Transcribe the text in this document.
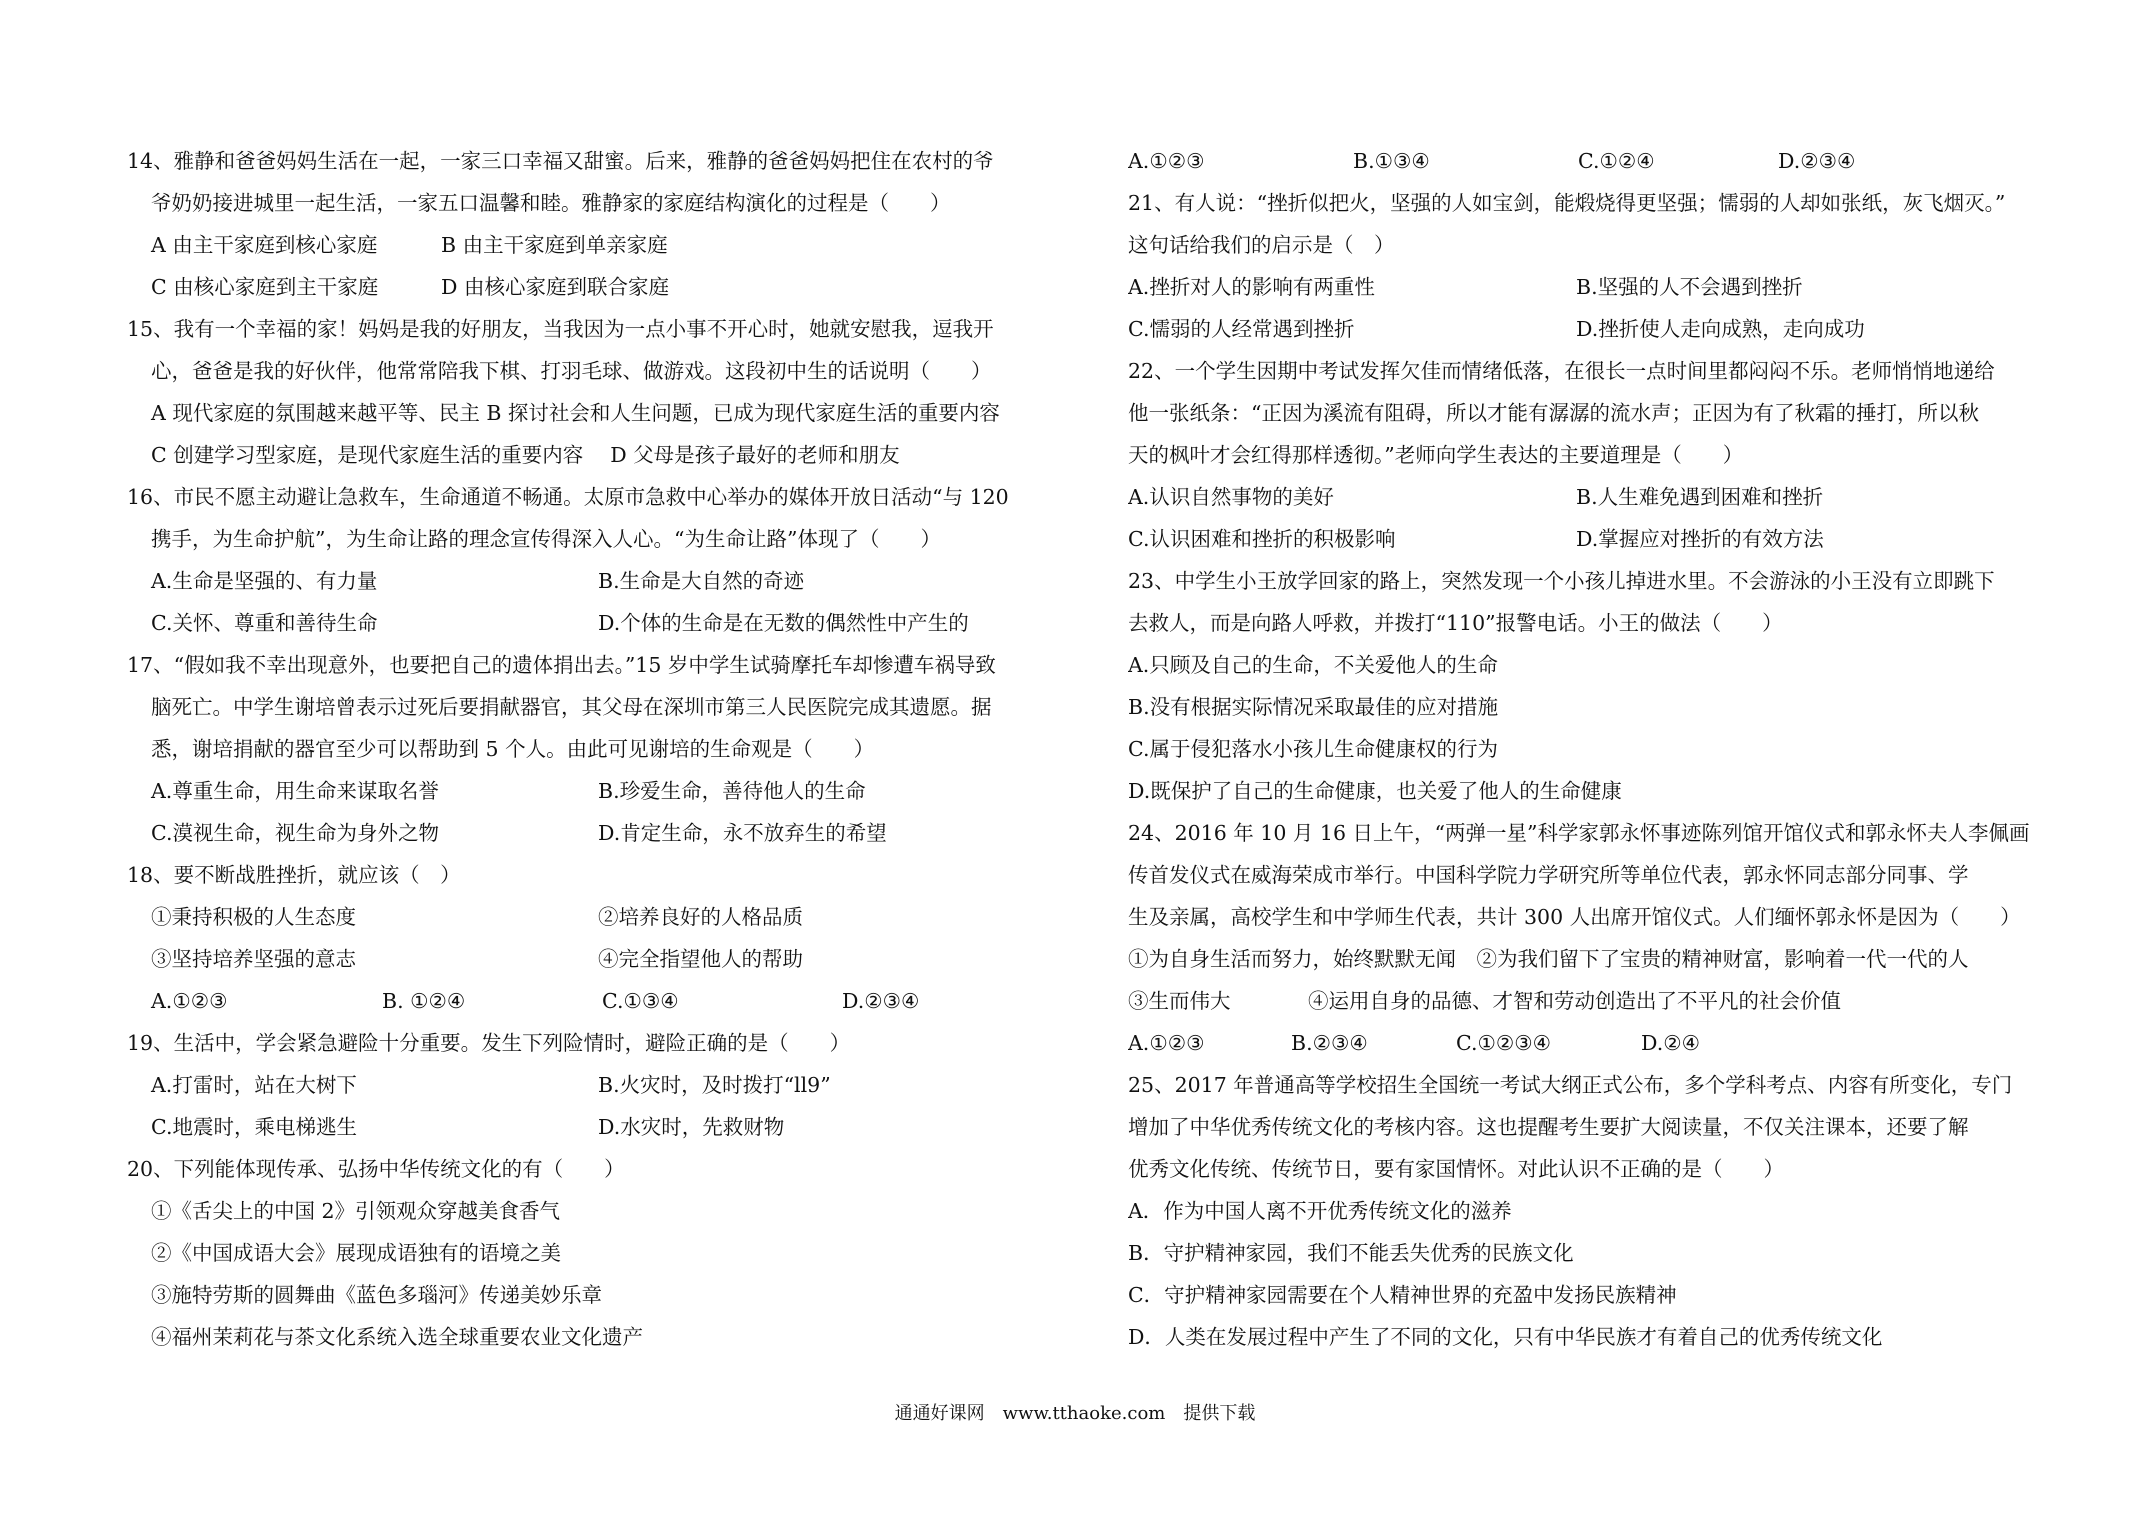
14、雅静和爸爸妈妈生活在一起，一家三口幸福又甜蜜。后来，雅静的爸爸妈妈把住在农村的爷
爷奶奶接进城里一起生活，一家五口温馨和睦。雅静家的家庭结构演化的过程是（　　）
A 由主干家庭到核心家庭	B 由主干家庭到单亲家庭
C 由核心家庭到主干家庭	D 由核心家庭到联合家庭
15、我有一个幸福的家！妈妈是我的好朋友，当我因为一点小事不开心时，她就安慰我，逗我开
心，爸爸是我的好伙伴，他常常陪我下棋、打羽毛球、做游戏。这段初中生的话说明（　　）
A 现代家庭的氛围越来越平等、民主 B 探讨社会和人生问题，已成为现代家庭生活的重要内容
C 创建学习型家庭，是现代家庭生活的重要内容　 D 父母是孩子最好的老师和朋友
16、市民不愿主动避让急救车，生命通道不畅通。太原市急救中心举办的媒体开放日活动“与 120
携手，为生命护航”，为生命让路的理念宣传得深入人心。“为生命让路”体现了（　　）
A.生命是坚强的、有力量	B.生命是大自然的奇迹
C.关怀、尊重和善待生命	D.个体的生命是在无数的偶然性中产生的
17、“假如我不幸出现意外，也要把自己的遗体捐出去。”15 岁中学生试骑摩托车却惨遭车祸导致
脑死亡。中学生谢培曾表示过死后要捐献器官，其父母在深圳市第三人民医院完成其遗愿。据
悉，谢培捐献的器官至少可以帮助到 5 个人。由此可见谢培的生命观是（　　）
A.尊重生命，用生命来谋取名誉	B.珍爱生命，善待他人的生命
C.漠视生命，视生命为身外之物	D.肯定生命，永不放弃生的希望
18、要不断战胜挫折，就应该（　）
①秉持积极的人生态度	②培养良好的人格品质
③坚持培养坚强的意志	④完全指望他人的帮助
A.①②③	B. ①②④	C.①③④	D.②③④
19、生活中，学会紧急避险十分重要。发生下列险情时，避险正确的是（　　）
A.打雷时，站在大树下	B.火灾时，及时拨打“ll9”
C.地震时，乘电梯逃生	D.水灾时，先救财物
20、下列能体现传承、弘扬中华传统文化的有（　　）
①《舌尖上的中国 2》引领观众穿越美食香气
②《中国成语大会》展现成语独有的语境之美
③施特劳斯的圆舞曲《蓝色多瑙河》传递美妙乐章
④福州茉莉花与茶文化系统入选全球重要农业文化遗产
A.①②③	B.①③④	C.①②④	D.②③④
21、有人说：“挫折似把火，坚强的人如宝剑，能煅烧得更坚强；懦弱的人却如张纸，灰飞烟灭。”
这句话给我们的启示是（　）
A.挫折对人的影响有两重性	B.坚强的人不会遇到挫折
C.懦弱的人经常遇到挫折	D.挫折使人走向成熟，走向成功
22、一个学生因期中考试发挥欠佳而情绪低落，在很长一点时间里都闷闷不乐。老师悄悄地递给
他一张纸条：“正因为溪流有阻碍，所以才能有潺潺的流水声；正因为有了秋霜的捶打，所以秋
天的枫叶才会红得那样透彻。”老师向学生表达的主要道理是（　　）
A.认识自然事物的美好	B.人生难免遇到困难和挫折
C.认识困难和挫折的积极影响	D.掌握应对挫折的有效方法
23、中学生小王放学回家的路上，突然发现一个小孩儿掉进水里。不会游泳的小王没有立即跳下
去救人，而是向路人呼救，并拨打“110”报警电话。小王的做法（　　）
A.只顾及自己的生命，不关爱他人的生命
B.没有根据实际情况采取最佳的应对措施
C.属于侵犯落水小孩儿生命健康权的行为
D.既保护了自己的生命健康，也关爱了他人的生命健康
24、2016 年 10 月 16 日上午，“两弹一星”科学家郭永怀事迹陈列馆开馆仪式和郭永怀夫人李佩画
传首发仪式在威海荣成市举行。中国科学院力学研究所等单位代表，郭永怀同志部分同事、学
生及亲属，高校学生和中学师生代表，共计 300 人出席开馆仪式。人们缅怀郭永怀是因为（　　）
①为自身生活而努力，始终默默无闻　 ②为我们留下了宝贵的精神财富，影响着一代一代的人
③生而伟大	④运用自身的品德、才智和劳动创造出了不平凡的社会价值
A.①②③	B.②③④	C.①②③④	D.②④
25、2017 年普通高等学校招生全国统一考试大纲正式公布，多个学科考点、内容有所变化，专门
增加了中华优秀传统文化的考核内容。这也提醒考生要扩大阅读量，不仅关注课本，还要了解
优秀文化传统、传统节日，要有家国情怀。对此认识不正确的是（　　）
A．作为中国人离不开优秀传统文化的滋养
B．守护精神家园，我们不能丢失优秀的民族文化
C．守护精神家园需要在个人精神世界的充盈中发扬民族精神
D．人类在发展过程中产生了不同的文化，只有中华民族才有着自己的优秀传统文化
通通好课网　www.tthaoke.com　提供下载
